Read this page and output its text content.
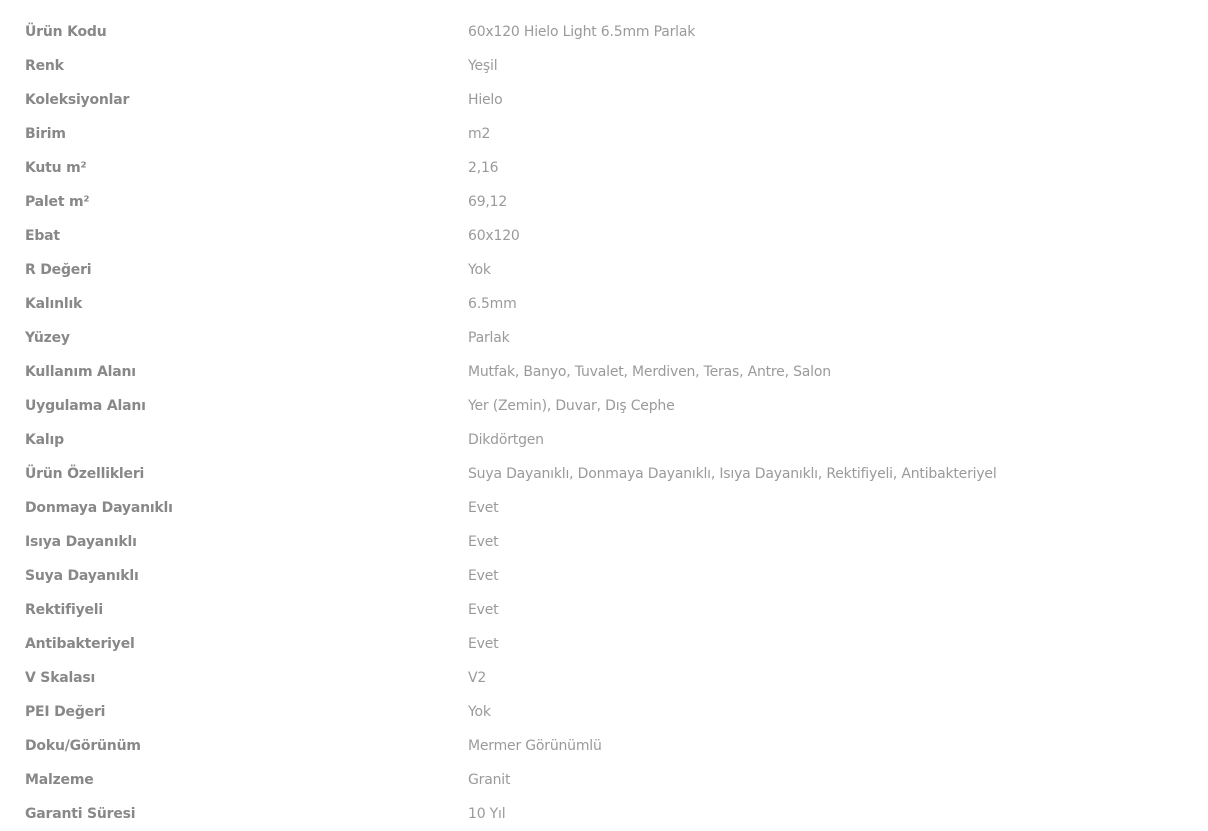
Ürün Kodu	60x120 Hielo Light 6.5mm Parlak
Renk	Yeşil
Koleksiyonlar	Hielo
Birim	m2
Kutu m²	2,16
Palet m²	69,12
Ebat	60x120
R Değeri	Yok
Kalınlık	6.5mm
Yüzey	Parlak
Kullanım Alanı	Mutfak, Banyo, Tuvalet, Merdiven, Teras, Antre, Salon
Uygulama Alanı	Yer (Zemin), Duvar, Dış Cephe
Kalıp	Dikdörtgen
Ürün Özellikleri	Suya Dayanıklı, Donmaya Dayanıklı, Isıya Dayanıklı, Rektifiyeli, Antibakteriyel
Donmaya Dayanıklı	Evet
Isıya Dayanıklı	Evet
Suya Dayanıklı	Evet
Rektifiyeli	Evet
Antibakteriyel	Evet
V Skalası	V2
PEI Değeri	Yok
Doku/Görünüm	Mermer Görünümlü
Malzeme	Granit
Garanti Süresi	10 Yıl
